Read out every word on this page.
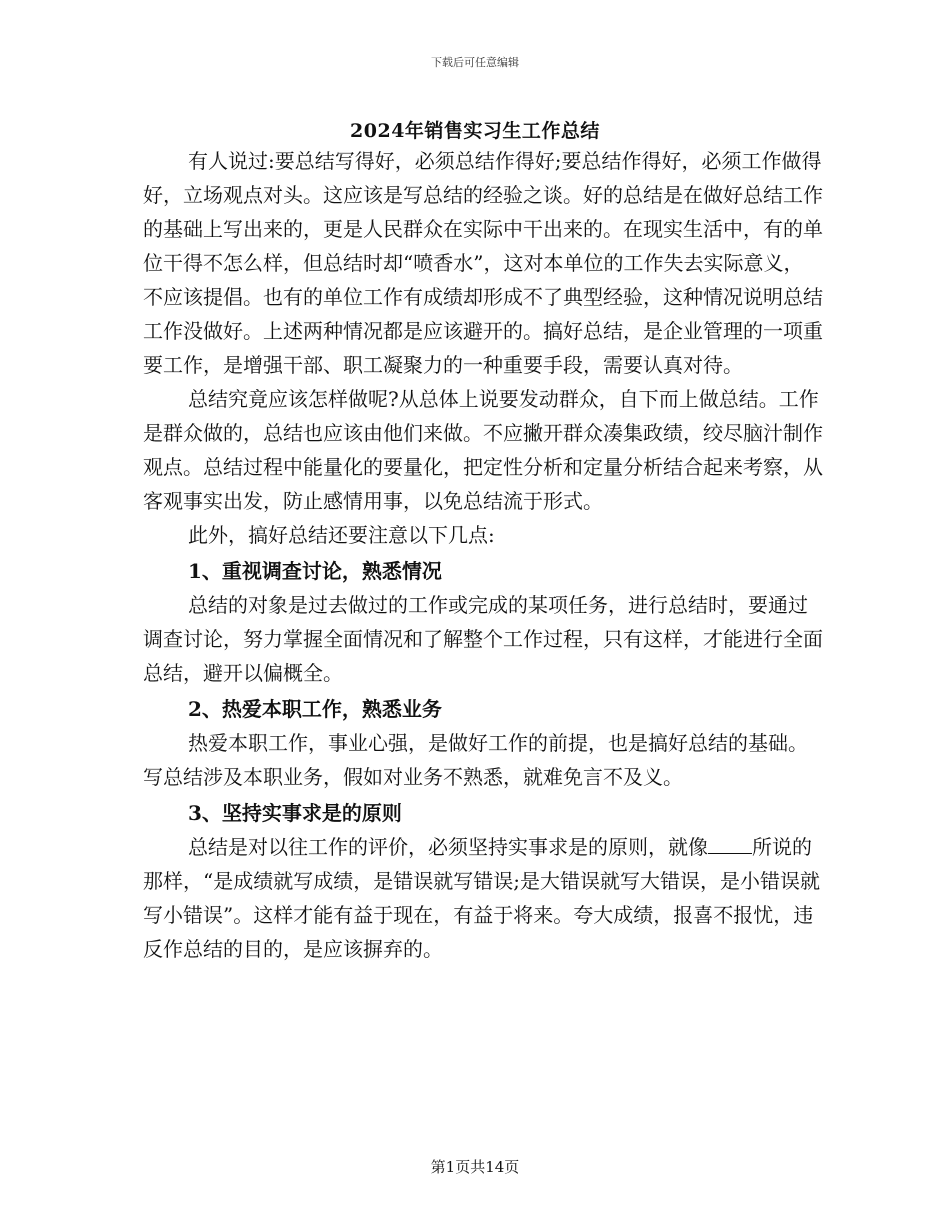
下载后可任意编辑
2024年销售实习生工作总结

有人说过:要总结写得好，必须总结作得好;要总结作得好，必须工作做得好，立场观点对头。这应该是写总结的经验之谈。好的总结是在做好总结工作的基础上写出来的，更是人民群众在实际中干出来的。在现实生活中，有的单位干得不怎么样，但总结时却“喷香水”，这对本单位的工作失去实际意义，不应该提倡。也有的单位工作有成绩却形成不了典型经验，这种情况说明总结工作没做好。上述两种情况都是应该避开的。搞好总结，是企业管理的一项重要工作，是增强干部、职工凝聚力的一种重要手段，需要认真对待。

总结究竟应该怎样做呢?从总体上说要发动群众，自下而上做总结。工作是群众做的，总结也应该由他们来做。不应撇开群众凑集政绩，绞尽脑汁制作观点。总结过程中能量化的要量化，把定性分析和定量分析结合起来考察，从客观事实出发，防止感情用事，以免总结流于形式。

此外，搞好总结还要注意以下几点:

1、重视调查讨论，熟悉情况

总结的对象是过去做过的工作或完成的某项任务，进行总结时，要通过调查讨论，努力掌握全面情况和了解整个工作过程，只有这样，才能进行全面总结，避开以偏概全。

2、热爱本职工作，熟悉业务

热爱本职工作，事业心强，是做好工作的前提，也是搞好总结的基础。写总结涉及本职业务，假如对业务不熟悉，就难免言不及义。

3、坚持实事求是的原则

总结是对以往工作的评价，必须坚持实事求是的原则，就像 所说的那样，“是成绩就写成绩，是错误就写错误;是大错误就写大错误，是小错误就写小错误”。这样才能有益于现在，有益于将来。夸大成绩，报喜不报忧，违反作总结的目的，是应该摒弃的。

第1页共14页
